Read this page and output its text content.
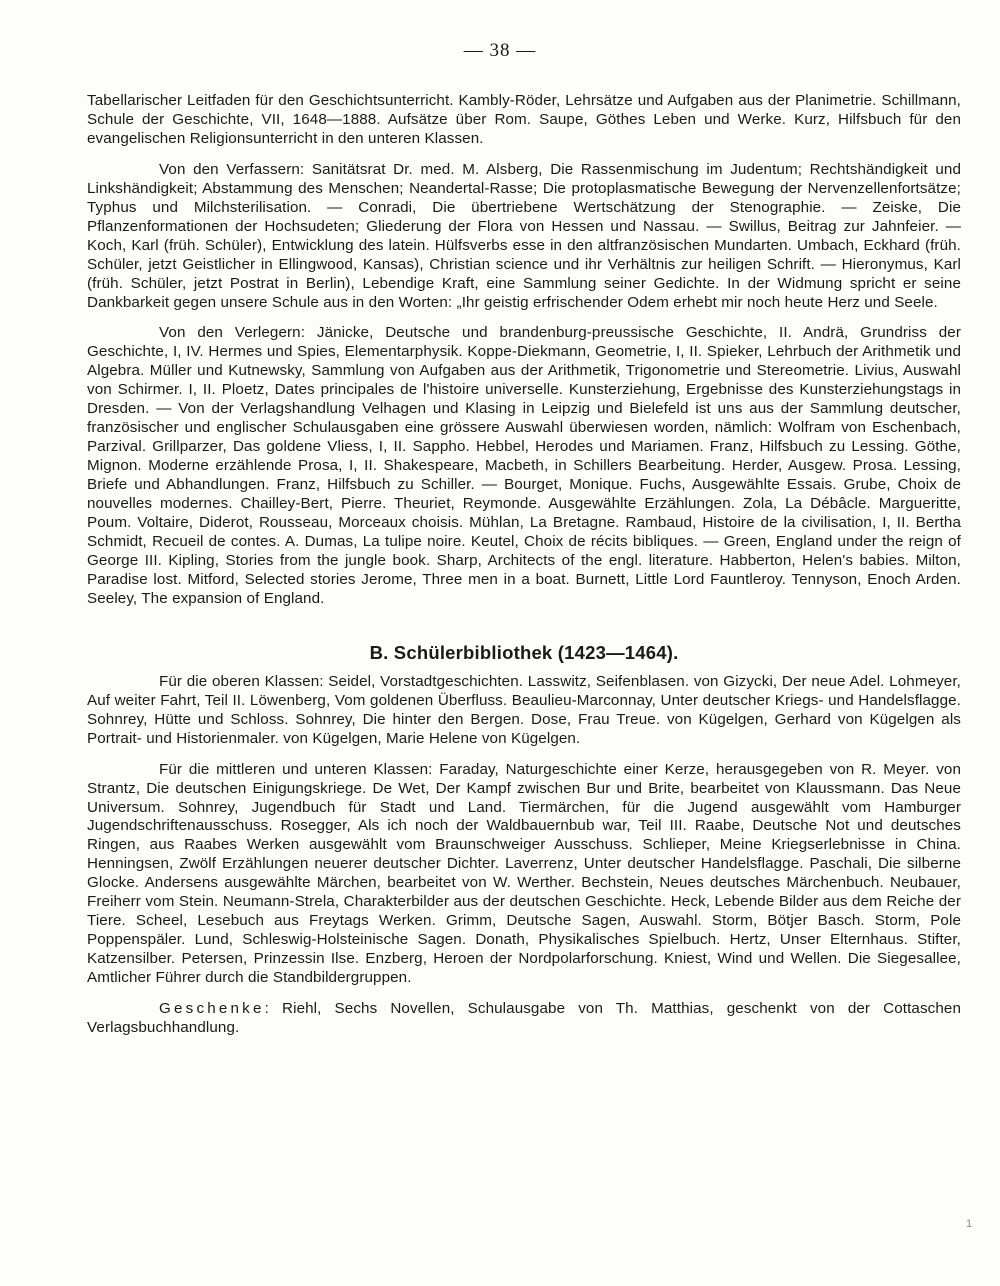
— 38 —

Tabellarischer Leitfaden für den Geschichtsunterricht. Kambly-Röder, Lehrsätze und Aufgaben aus der Planimetrie. Schillmann, Schule der Geschichte, VII, 1648—1888. Aufsätze über Rom. Saupe, Göthes Leben und Werke. Kurz, Hilfsbuch für den evangelischen Religionsunterricht in den unteren Klassen.

Von den Verfassern: Sanitätsrat Dr. med. M. Alsberg, Die Rassenmischung im Judentum; Rechtshändigkeit und Linkshändigkeit; Abstammung des Menschen; Neandertal-Rasse; Die protoplasmatische Bewegung der Nervenzellenfortsätze; Typhus und Milchsterilisation. — Conradi, Die übertriebene Wertschätzung der Stenographie. — Zeiske, Die Pflanzenformationen der Hochsudeten; Gliederung der Flora von Hessen und Nassau. — Swillus, Beitrag zur Jahnfeier. — Koch, Karl (früh. Schüler), Entwicklung des latein. Hülfsverbs esse in den altfranzösischen Mundarten. Umbach, Eckhard (früh. Schüler, jetzt Geistlicher in Ellingwood, Kansas), Christian science und ihr Verhältnis zur heiligen Schrift. — Hieronymus, Karl (früh. Schüler, jetzt Postrat in Berlin), Lebendige Kraft, eine Sammlung seiner Gedichte. In der Widmung spricht er seine Dankbarkeit gegen unsere Schule aus in den Worten: „Ihr geistig erfrischender Odem erhebt mir noch heute Herz und Seele.

Von den Verlegern: Jänicke, Deutsche und brandenburg-preussische Geschichte, II. Andrä, Grundriss der Geschichte, I, IV. Hermes und Spies, Elementarphysik. Koppe-Diekmann, Geometrie, I, II. Spieker, Lehrbuch der Arithmetik und Algebra. Müller und Kutnewsky, Sammlung von Aufgaben aus der Arithmetik, Trigonometrie und Stereometrie. Livius, Auswahl von Schirmer. I, II. Ploetz, Dates principales de l'histoire universelle. Kunsterziehung, Ergebnisse des Kunsterziehungstags in Dresden. — Von der Verlagshandlung Velhagen und Klasing in Leipzig und Bielefeld ist uns aus der Sammlung deutscher, französischer und englischer Schulausgaben eine grössere Auswahl überwiesen worden, nämlich: Wolfram von Eschenbach, Parzival. Grillparzer, Das goldene Vliess, I, II. Sappho. Hebbel, Herodes und Mariamen. Franz, Hilfsbuch zu Lessing. Göthe, Mignon. Moderne erzählende Prosa, I, II. Shakespeare, Macbeth, in Schillers Bearbeitung. Herder, Ausgew. Prosa. Lessing, Briefe und Abhandlungen. Franz, Hilfsbuch zu Schiller. — Bourget, Monique. Fuchs, Ausgewählte Essais. Grube, Choix de nouvelles modernes. Chailley-Bert, Pierre. Theuriet, Reymonde. Ausgewählte Erzählungen. Zola, La Débâcle. Margueritte, Poum. Voltaire, Diderot, Rousseau, Morceaux choisis. Mühlan, La Bretagne. Rambaud, Histoire de la civilisation, I, II. Bertha Schmidt, Recueil de contes. A. Dumas, La tulipe noire. Keutel, Choix de récits bibliques. — Green, England under the reign of George III. Kipling, Stories from the jungle book. Sharp, Architects of the engl. literature. Habberton, Helen's babies. Milton, Paradise lost. Mitford, Selected stories Jerome, Three men in a boat. Burnett, Little Lord Fauntleroy. Tennyson, Enoch Arden. Seeley, The expansion of England.

B. Schülerbibliothek (1423—1464).

Für die oberen Klassen: Seidel, Vorstadtgeschichten. Lasswitz, Seifenblasen. von Gizycki, Der neue Adel. Lohmeyer, Auf weiter Fahrt, Teil II. Löwenberg, Vom goldenen Überfluss. Beaulieu-Marconnay, Unter deutscher Kriegs- und Handelsflagge. Sohnrey, Hütte und Schloss. Sohnrey, Die hinter den Bergen. Dose, Frau Treue. von Kügelgen, Gerhard von Kügelgen als Portrait- und Historienmaler. von Kügelgen, Marie Helene von Kügelgen.

Für die mittleren und unteren Klassen: Faraday, Naturgeschichte einer Kerze, herausgegeben von R. Meyer. von Strantz, Die deutschen Einigungskriege. De Wet, Der Kampf zwischen Bur und Brite, bearbeitet von Klaussmann. Das Neue Universum. Sohnrey, Jugendbuch für Stadt und Land. Tiermärchen, für die Jugend ausgewählt vom Hamburger Jugendschriftenausschuss. Rosegger, Als ich noch der Waldbauernbub war, Teil III. Raabe, Deutsche Not und deutsches Ringen, aus Raabes Werken ausgewählt vom Braunschweiger Ausschuss. Schlieper, Meine Kriegserlebnisse in China. Henningsen, Zwölf Erzählungen neuerer deutscher Dichter. Laverrenz, Unter deutscher Handelsflagge. Paschali, Die silberne Glocke. Andersens ausgewählte Märchen, bearbeitet von W. Werther. Bechstein, Neues deutsches Märchenbuch. Neubauer, Freiherr vom Stein. Neumann-Strela, Charakterbilder aus der deutschen Geschichte. Heck, Lebende Bilder aus dem Reiche der Tiere. Scheel, Lesebuch aus Freytags Werken. Grimm, Deutsche Sagen, Auswahl. Storm, Bötjer Basch. Storm, Pole Poppenspäler. Lund, Schleswig-Holsteinische Sagen. Donath, Physikalisches Spielbuch. Hertz, Unser Elternhaus. Stifter, Katzensilber. Petersen, Prinzessin Ilse. Enzberg, Heroen der Nordpolarforschung. Kniest, Wind und Wellen. Die Siegesallee, Amtlicher Führer durch die Standbildergruppen.

Geschenke: Riehl, Sechs Novellen, Schulausgabe von Th. Matthias, geschenkt von der Cottaschen Verlagsbuchhandlung.

1
